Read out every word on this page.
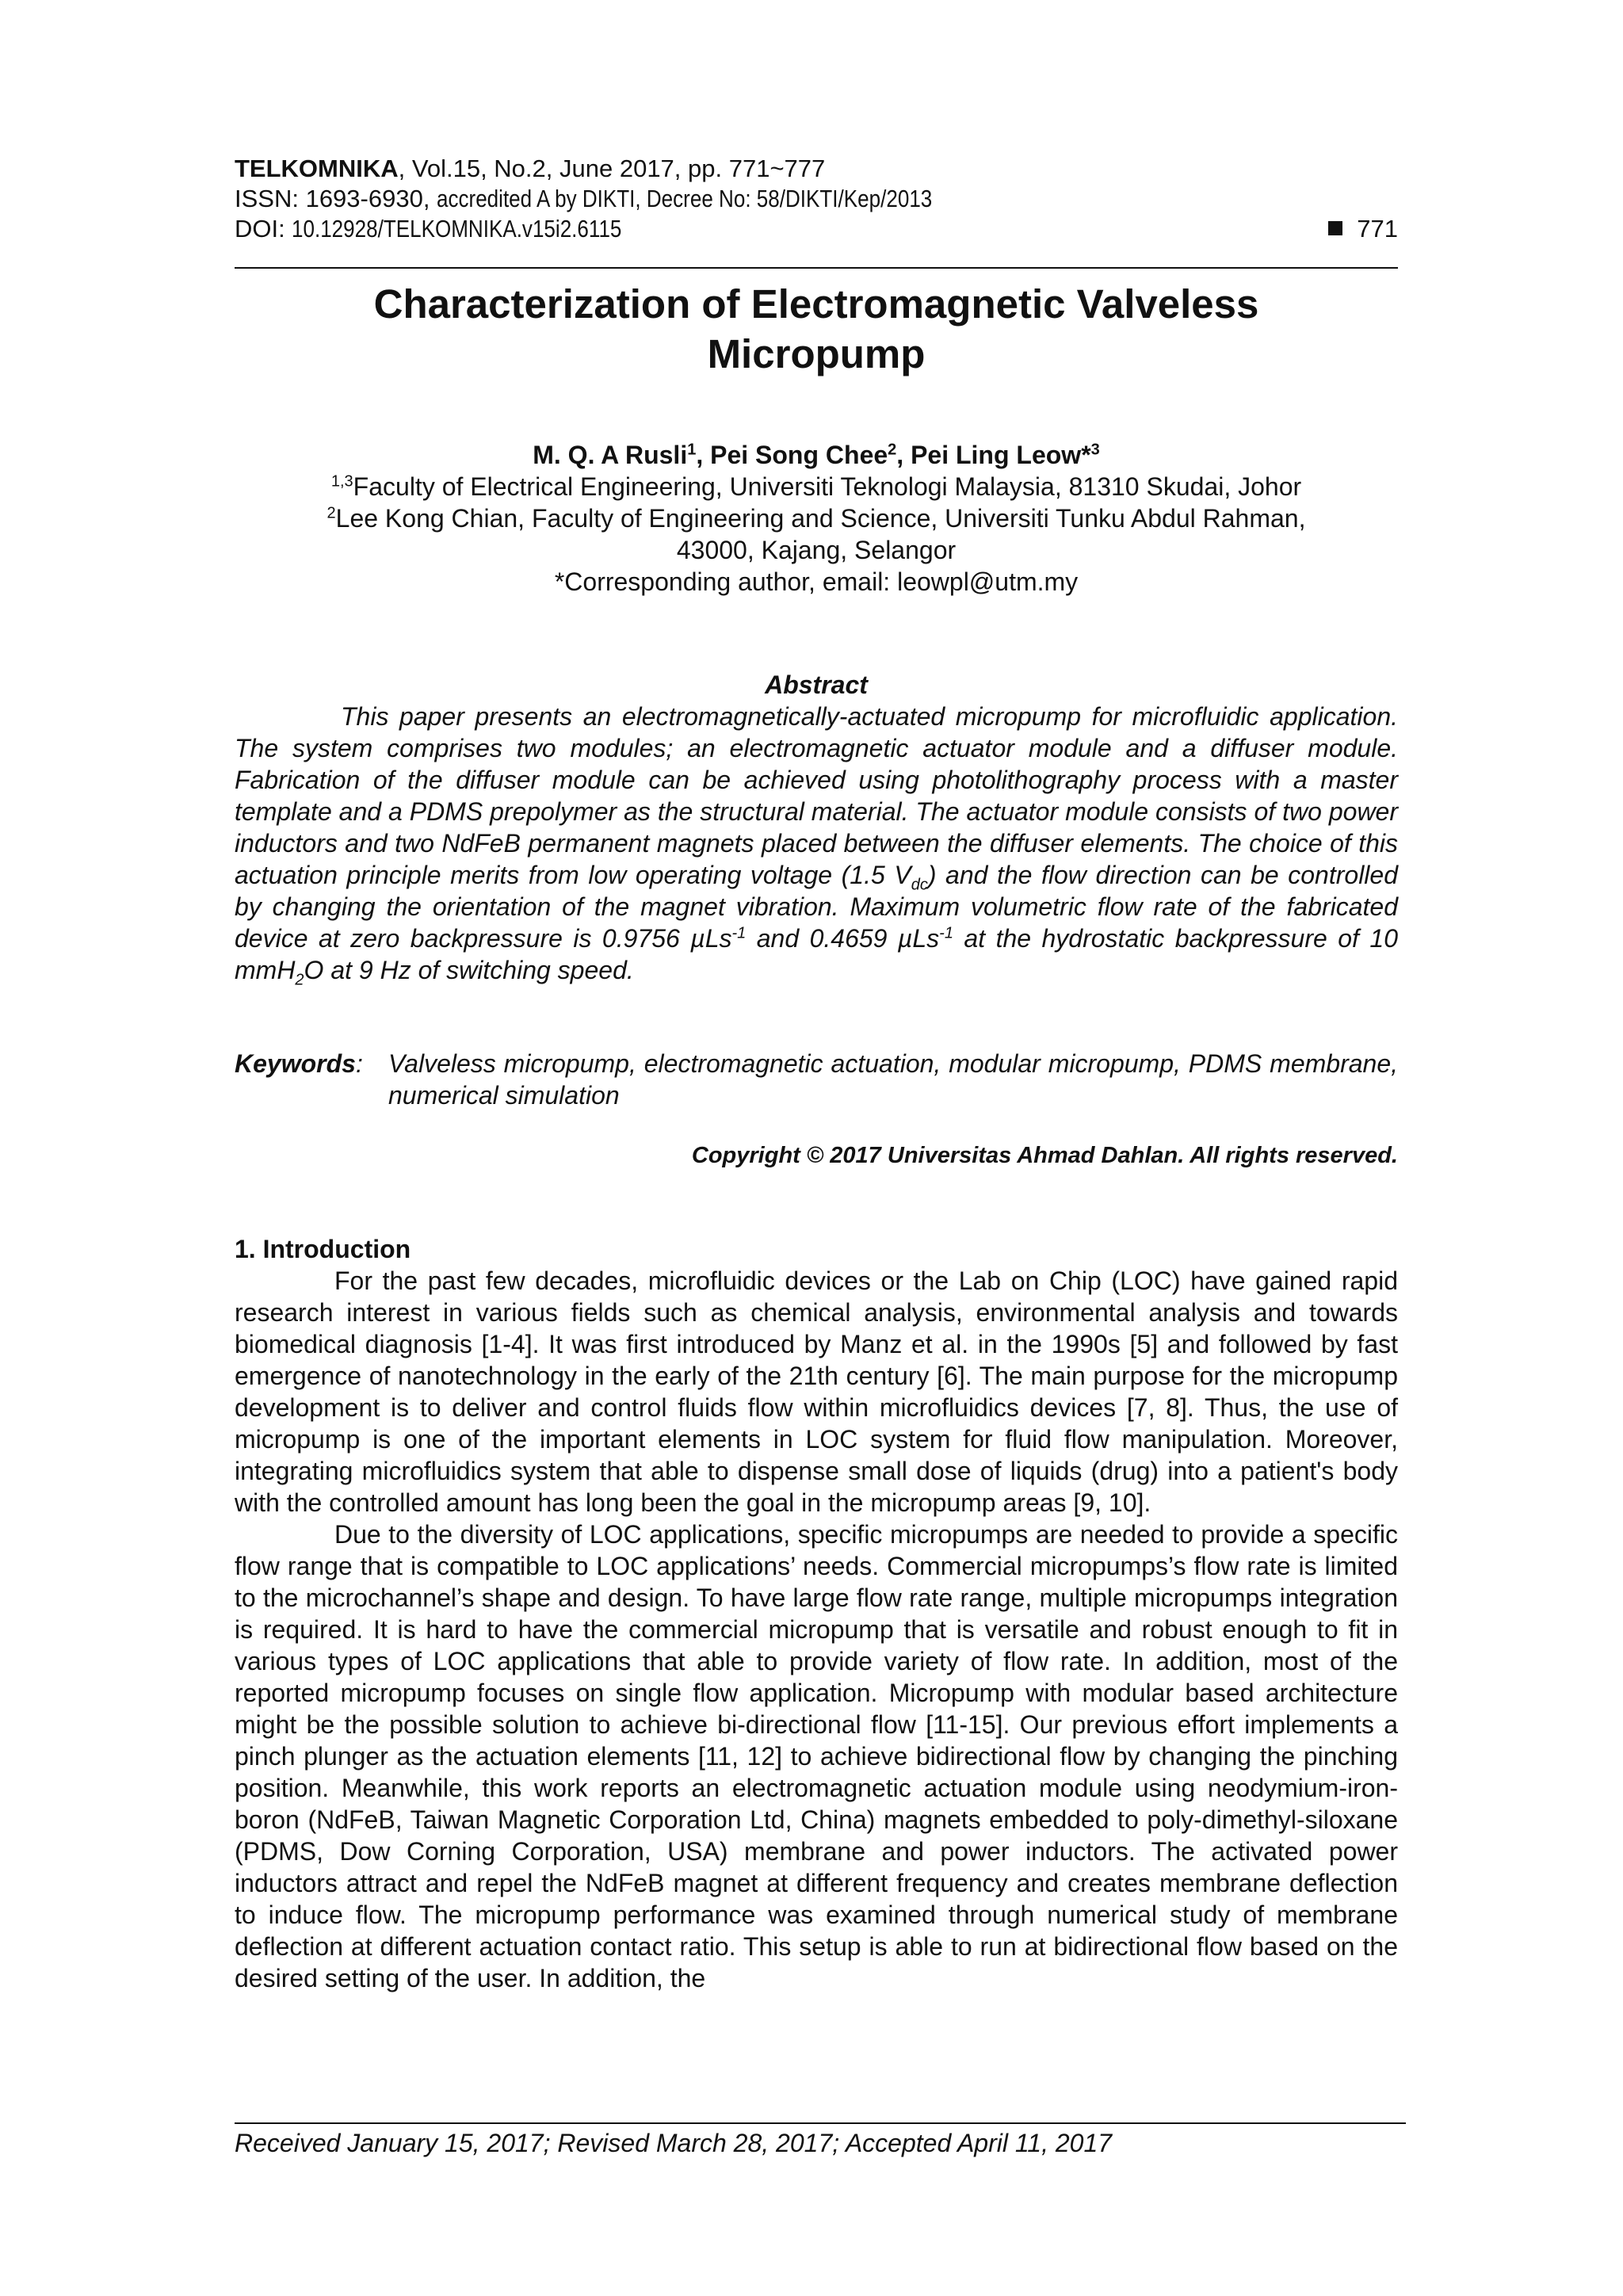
TELKOMNIKA, Vol.15, No.2, June 2017, pp. 771~777
ISSN: 1693-6930, accredited A by DIKTI, Decree No: 58/DIKTI/Kep/2013
DOI: 10.12928/TELKOMNIKA.v15i2.6115	771
Characterization of Electromagnetic Valveless
Micropump
M. Q. A Rusli$^1$, Pei Song Chee$^2$, Pei Ling Leow*$^3$
$^{1,3}$Faculty of Electrical Engineering, Universiti Teknologi Malaysia, 81310 Skudai, Johor
$^2$Lee Kong Chian, Faculty of Engineering and Science, Universiti Tunku Abdul Rahman,
43000, Kajang, Selangor
*Corresponding author, email: leowpl@utm.my
Abstract
This paper presents an electromagnetically-actuated micropump for microfluidic application. The system comprises two modules; an electromagnetic actuator module and a diffuser module. Fabrication of the diffuser module can be achieved using photolithography process with a master template and a PDMS prepolymer as the structural material. The actuator module consists of two power inductors and two NdFeB permanent magnets placed between the diffuser elements. The choice of this actuation principle merits from low operating voltage (1.5 $V_{dc}$) and the flow direction can be controlled by changing the orientation of the magnet vibration. Maximum volumetric flow rate of the fabricated device at zero backpressure is 0.9756 µLs$^{-1}$ and 0.4659 µLs$^{-1}$ at the hydrostatic backpressure of 10 mmH$_2$O at 9 Hz of switching speed.
Keywords: Valveless micropump, electromagnetic actuation, modular micropump, PDMS membrane, numerical simulation
Copyright © 2017 Universitas Ahmad Dahlan. All rights reserved.
1. Introduction

For the past few decades, microfluidic devices or the Lab on Chip (LOC) have gained rapid research interest in various fields such as chemical analysis, environmental analysis and towards biomedical diagnosis [1-4]. It was first introduced by Manz et al. in the 1990s [5] and followed by fast emergence of nanotechnology in the early of the 21th century [6]. The main purpose for the micropump development is to deliver and control fluids flow within microfluidics devices [7, 8]. Thus, the use of micropump is one of the important elements in LOC system for fluid flow manipulation. Moreover, integrating microfluidics system that able to dispense small dose of liquids (drug) into a patient's body with the controlled amount has long been the goal in the micropump areas [9, 10].

Due to the diversity of LOC applications, specific micropumps are needed to provide a specific flow range that is compatible to LOC applications’ needs. Commercial micropumps’s flow rate is limited to the microchannel’s shape and design. To have large flow rate range, multiple micropumps integration is required. It is hard to have the commercial micropump that is versatile and robust enough to fit in various types of LOC applications that able to provide variety of flow rate. In addition, most of the reported micropump focuses on single flow application. Micropump with modular based architecture might be the possible solution to achieve bi-directional flow [11-15]. Our previous effort implements a pinch plunger as the actuation elements [11, 12] to achieve bidirectional flow by changing the pinching position. Meanwhile, this work reports an electromagnetic actuation module using neodymium-iron-boron (NdFeB, Taiwan Magnetic Corporation Ltd, China) magnets embedded to poly-dimethyl-siloxane (PDMS, Dow Corning Corporation, USA) membrane and power inductors. The activated power inductors attract and repel the NdFeB magnet at different frequency and creates membrane deflection to induce flow. The micropump performance was examined through numerical study of membrane deflection at different actuation contact ratio. This setup is able to run at bidirectional flow based on the desired setting of the user. In addition, the

Received January 15, 2017; Revised March 28, 2017; Accepted April 11, 2017
